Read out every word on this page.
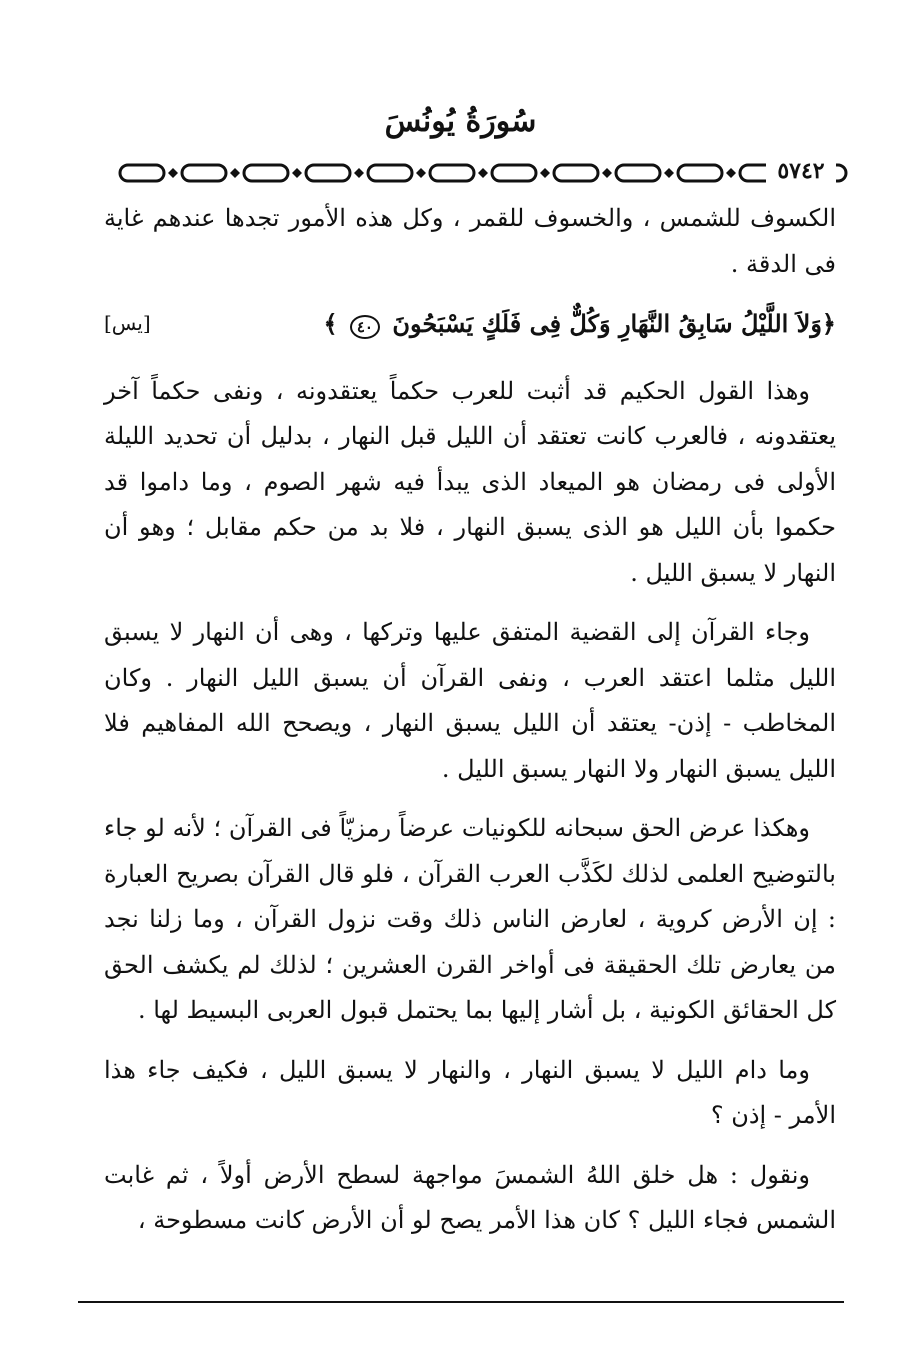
سُورَةُ يُونُسَ
٥٧٤٢

الكسوف للشمس ، والخسوف للقمر ، وكل هذه الأمور تجدها عندهم غاية فى الدقة .

﴿وَلاَ اللَّيْلُ سَابِقُ النَّهَارِ وَكُلٌّ فِى فَلَكٍ يَسْبَحُونَ ٤٠ ﴾
[يس]

وهذا القول الحكيم قد أثبت للعرب حكماً يعتقدونه ، ونفى حكماً آخر يعتقدونه ، فالعرب كانت تعتقد أن الليل قبل النهار ، بدليل أن تحديد الليلة الأولى فى رمضان هو الميعاد الذى يبدأ فيه شهر الصوم ، وما داموا قد حكموا بأن الليل هو الذى يسبق النهار ، فلا بد من حكم مقابل ؛ وهو أن النهار لا يسبق الليل .

وجاء القرآن إلى القضية المتفق عليها وتركها ، وهى أن النهار لا يسبق الليل مثلما اعتقد العرب ، ونفى القرآن أن يسبق الليل النهار . وكان المخاطب - إذن- يعتقد أن الليل يسبق النهار ، ويصحح الله المفاهيم فلا الليل يسبق النهار ولا النهار يسبق الليل .

وهكذا عرض الحق سبحانه للكونيات عرضاً رمزيّاً فى القرآن ؛ لأنه لو جاء بالتوضيح العلمى لذلك لكَذَّب العرب القرآن ، فلو قال القرآن بصريح العبارة : إن الأرض كروية ، لعارض الناس ذلك وقت نزول القرآن ، وما زلنا نجد من يعارض تلك الحقيقة فى أواخر القرن العشرين ؛ لذلك لم يكشف الحق كل الحقائق الكونية ، بل أشار إليها بما يحتمل قبول العربى البسيط لها .

وما دام الليل لا يسبق النهار ، والنهار لا يسبق الليل ، فكيف جاء هذا الأمر - إذن ؟

ونقول : هل خلق اللهُ الشمسَ مواجهة لسطح الأرض أولاً ، ثم غابت الشمس فجاء الليل ؟ كان هذا الأمر يصح لو أن الأرض كانت مسطوحة ،
